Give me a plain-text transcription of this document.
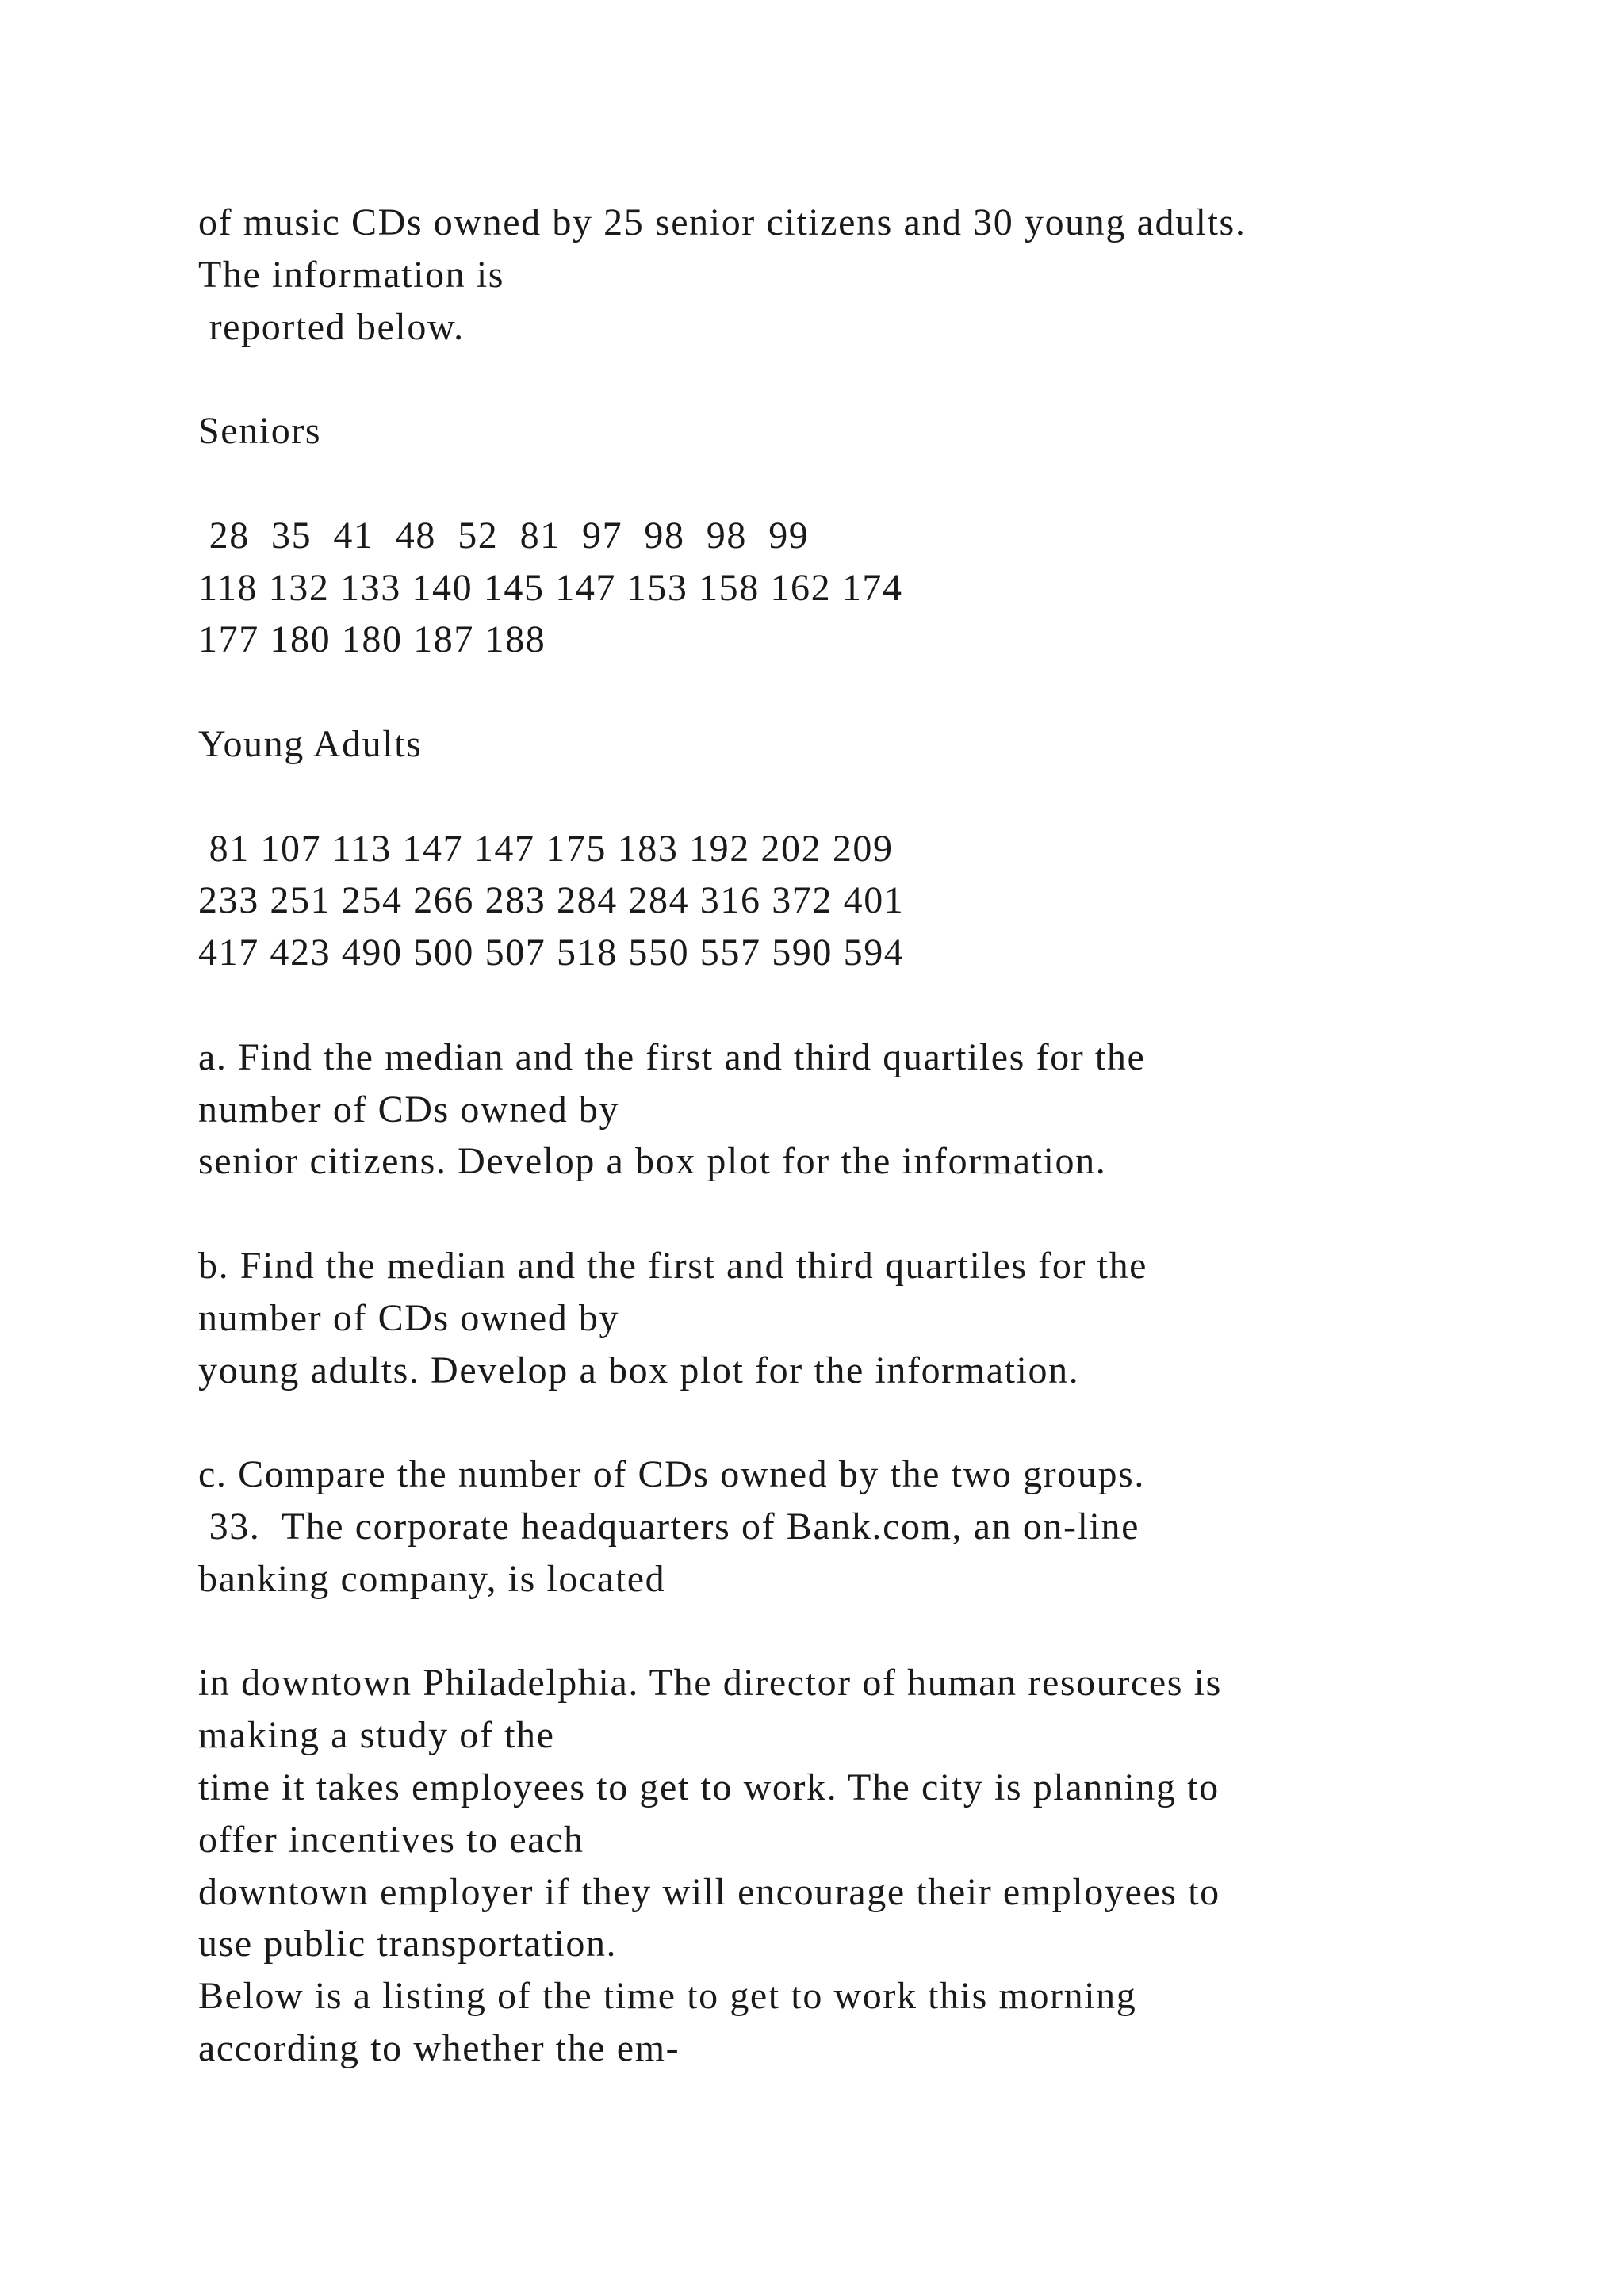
of music CDs owned by 25 senior citizens and 30 young adults.
The information is
reported below.
Seniors
28  35  41  48  52  81  97  98  98  99
118 132 133 140 145 147 153 158 162 174
177 180 180 187 188
Young Adults
81 107 113 147 147 175 183 192 202 209
233 251 254 266 283 284 284 316 372 401
417 423 490 500 507 518 550 557 590 594
a. Find the median and the first and third quartiles for the
number of CDs owned by
senior citizens. Develop a box plot for the information.
b. Find the median and the first and third quartiles for the
number of CDs owned by
young adults. Develop a box plot for the information.
c. Compare the number of CDs owned by the two groups.
33.  The corporate headquarters of Bank.com, an on-line
banking company, is located
in downtown Philadelphia. The director of human resources is
making a study of the
time it takes employees to get to work. The city is planning to
offer incentives to each
downtown employer if they will encourage their employees to
use public transportation.
Below is a listing of the time to get to work this morning
according to whether the em-
